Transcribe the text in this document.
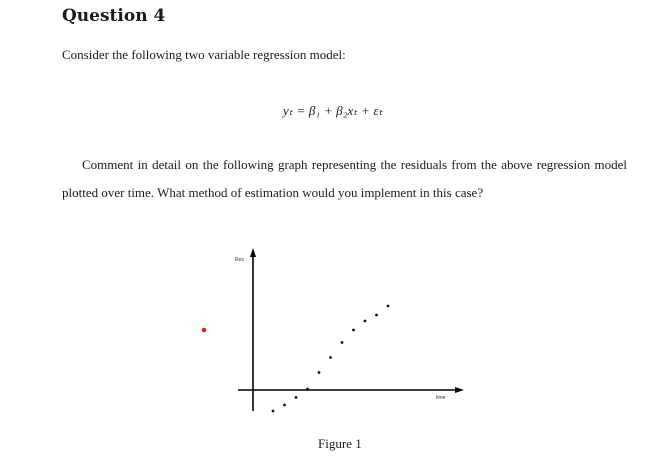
Question 4
Consider the following two variable regression model:
yₜ = β₁ + β₂xₜ + εₜ
Comment in detail on the following graph representing the residuals from the above regression model plotted over time. What method of estimation would you implement in this case?
Res
time
Figure 1
